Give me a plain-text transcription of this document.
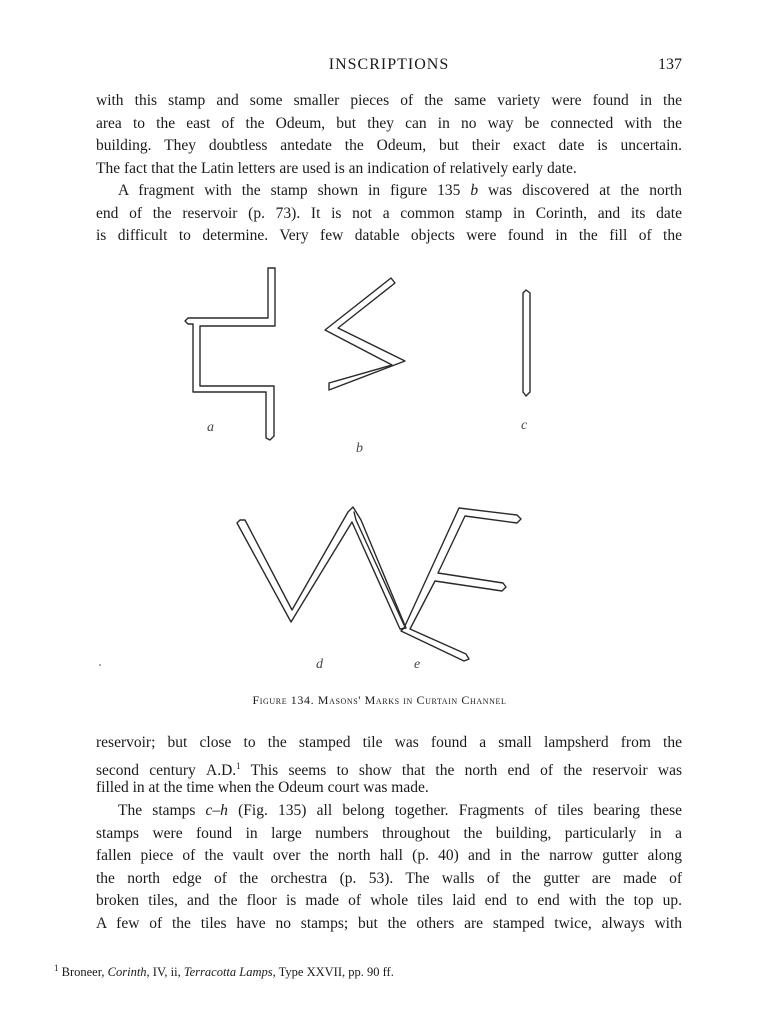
INSCRIPTIONS	137
with this stamp and some smaller pieces of the same variety were found in the
area to the east of the Odeum, but they can in no way be connected with the
building. They doubtless antedate the Odeum, but their exact date is uncertain.
The fact that the Latin letters are used is an indication of relatively early date.
A fragment with the stamp shown in figure 135 b was discovered at the north
end of the reservoir (p. 73). It is not a common stamp in Corinth, and its date
is difficult to determine. Very few datable objects were found in the fill of the
a
b
c
d	e
Figure 134. Masons' Marks in Curtain Channel
reservoir; but close to the stamped tile was found a small lampsherd from the
second century A.D.$^1$ This seems to show that the north end of the reservoir was
filled in at the time when the Odeum court was made.
The stamps c–h (Fig. 135) all belong together. Fragments of tiles bearing these
stamps were found in large numbers throughout the building, particularly in a
fallen piece of the vault over the north hall (p. 40) and in the narrow gutter along
the north edge of the orchestra (p. 53). The walls of the gutter are made of
broken tiles, and the floor is made of whole tiles laid end to end with the top up.
A few of the tiles have no stamps; but the others are stamped twice, always with
$^1$ Broneer, Corinth, IV, ii, Terracotta Lamps, Type XXVII, pp. 90 ff.
